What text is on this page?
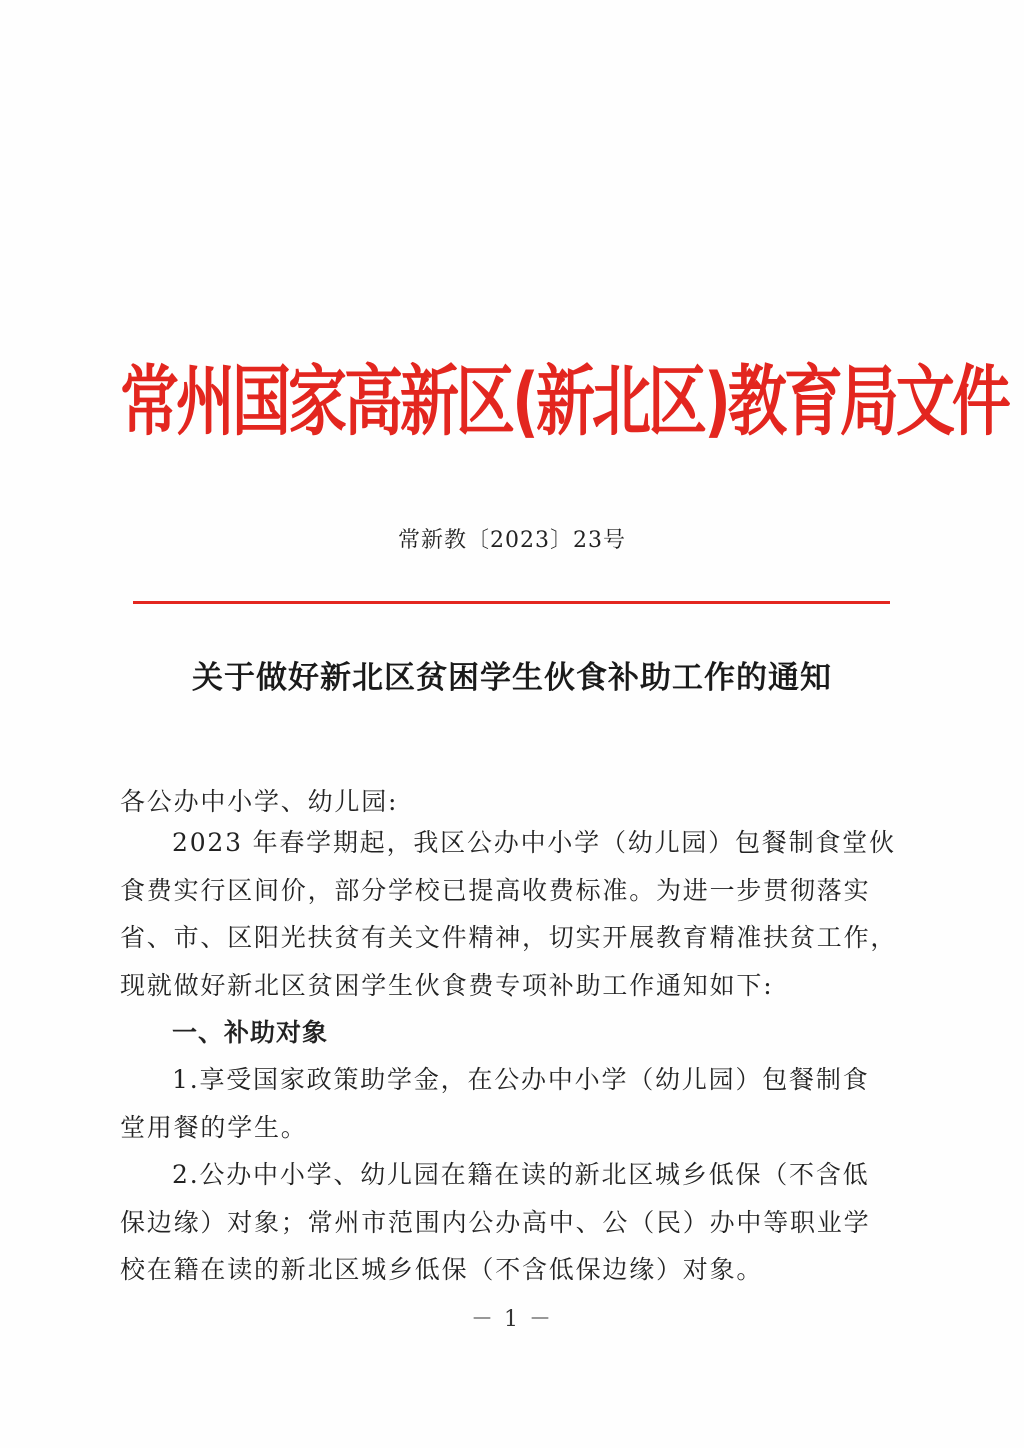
常州国家高新区(新北区)教育局文件
常新教〔2023〕23号
关于做好新北区贫困学生伙食补助工作的通知
各公办中小学、幼儿园:
2023 年春学期起，我区公办中小学（幼儿园）包餐制食堂伙
食费实行区间价，部分学校已提高收费标准。为进一步贯彻落实
省、市、区阳光扶贫有关文件精神，切实开展教育精准扶贫工作，
现就做好新北区贫困学生伙食费专项补助工作通知如下:
一、补助对象
1.享受国家政策助学金，在公办中小学（幼儿园）包餐制食
堂用餐的学生。
2.公办中小学、幼儿园在籍在读的新北区城乡低保（不含低
保边缘）对象；常州市范围内公办高中、公（民）办中等职业学
校在籍在读的新北区城乡低保（不含低保边缘）对象。
－ 1 －
